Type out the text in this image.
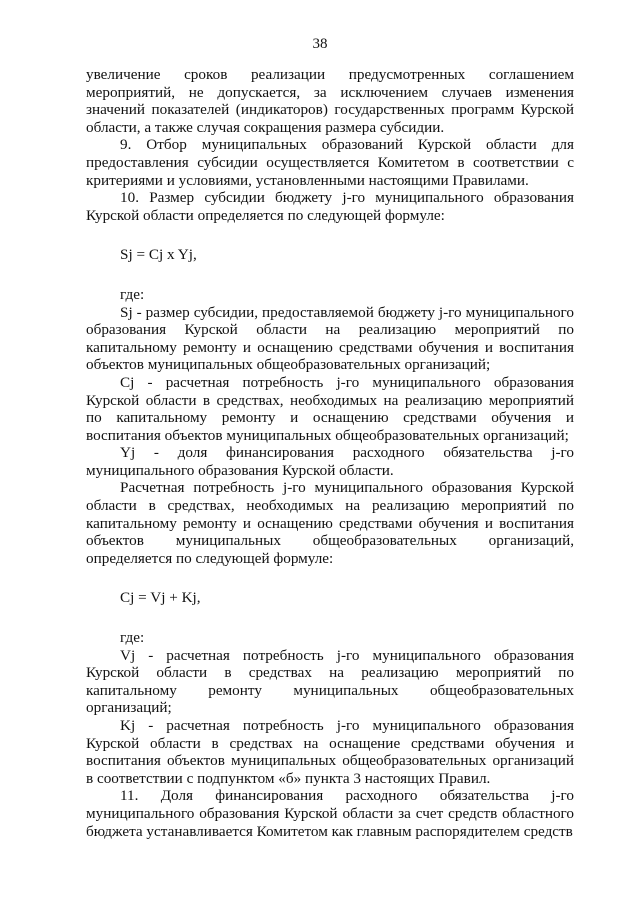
38

увеличение сроков реализации предусмотренных соглашением мероприятий, не допускается, за исключением случаев изменения значений показателей (индикаторов) государственных программ Курской области, а также случая сокращения размера субсидии.

9. Отбор муниципальных образований Курской области для предоставления субсидии осуществляется Комитетом в соответствии с критериями и условиями, установленными настоящими Правилами.

10. Размер субсидии бюджету j-го муниципального образования Курской области определяется по следующей формуле:

Sj = Cj x Yj,

где:

Sj - размер субсидии, предоставляемой бюджету j-го муниципального образования Курской области на реализацию мероприятий по капитальному ремонту и оснащению средствами обучения и воспитания объектов муниципальных общеобразовательных организаций;

Cj - расчетная потребность j-го муниципального образования Курской области в средствах, необходимых на реализацию мероприятий по капитальному ремонту и оснащению средствами обучения и воспитания объектов муниципальных общеобразовательных организаций;

Yj - доля финансирования расходного обязательства j-го муниципального образования Курской области.

Расчетная потребность j-го муниципального образования Курской области в средствах, необходимых на реализацию мероприятий по капитальному ремонту и оснащению средствами обучения и воспитания объектов муниципальных общеобразовательных организаций, определяется по следующей формуле:

Cj = Vj + Kj,

где:

Vj - расчетная потребность j-го муниципального образования Курской области в средствах на реализацию мероприятий по капитальному ремонту муниципальных общеобразовательных организаций;

Kj - расчетная потребность j-го муниципального образования Курской области в средствах на оснащение средствами обучения и воспитания объектов муниципальных общеобразовательных организаций в соответствии с подпунктом «б» пункта 3 настоящих Правил.

11. Доля финансирования расходного обязательства j-го муниципального образования Курской области за счет средств областного бюджета устанавливается Комитетом как главным распорядителем средств
